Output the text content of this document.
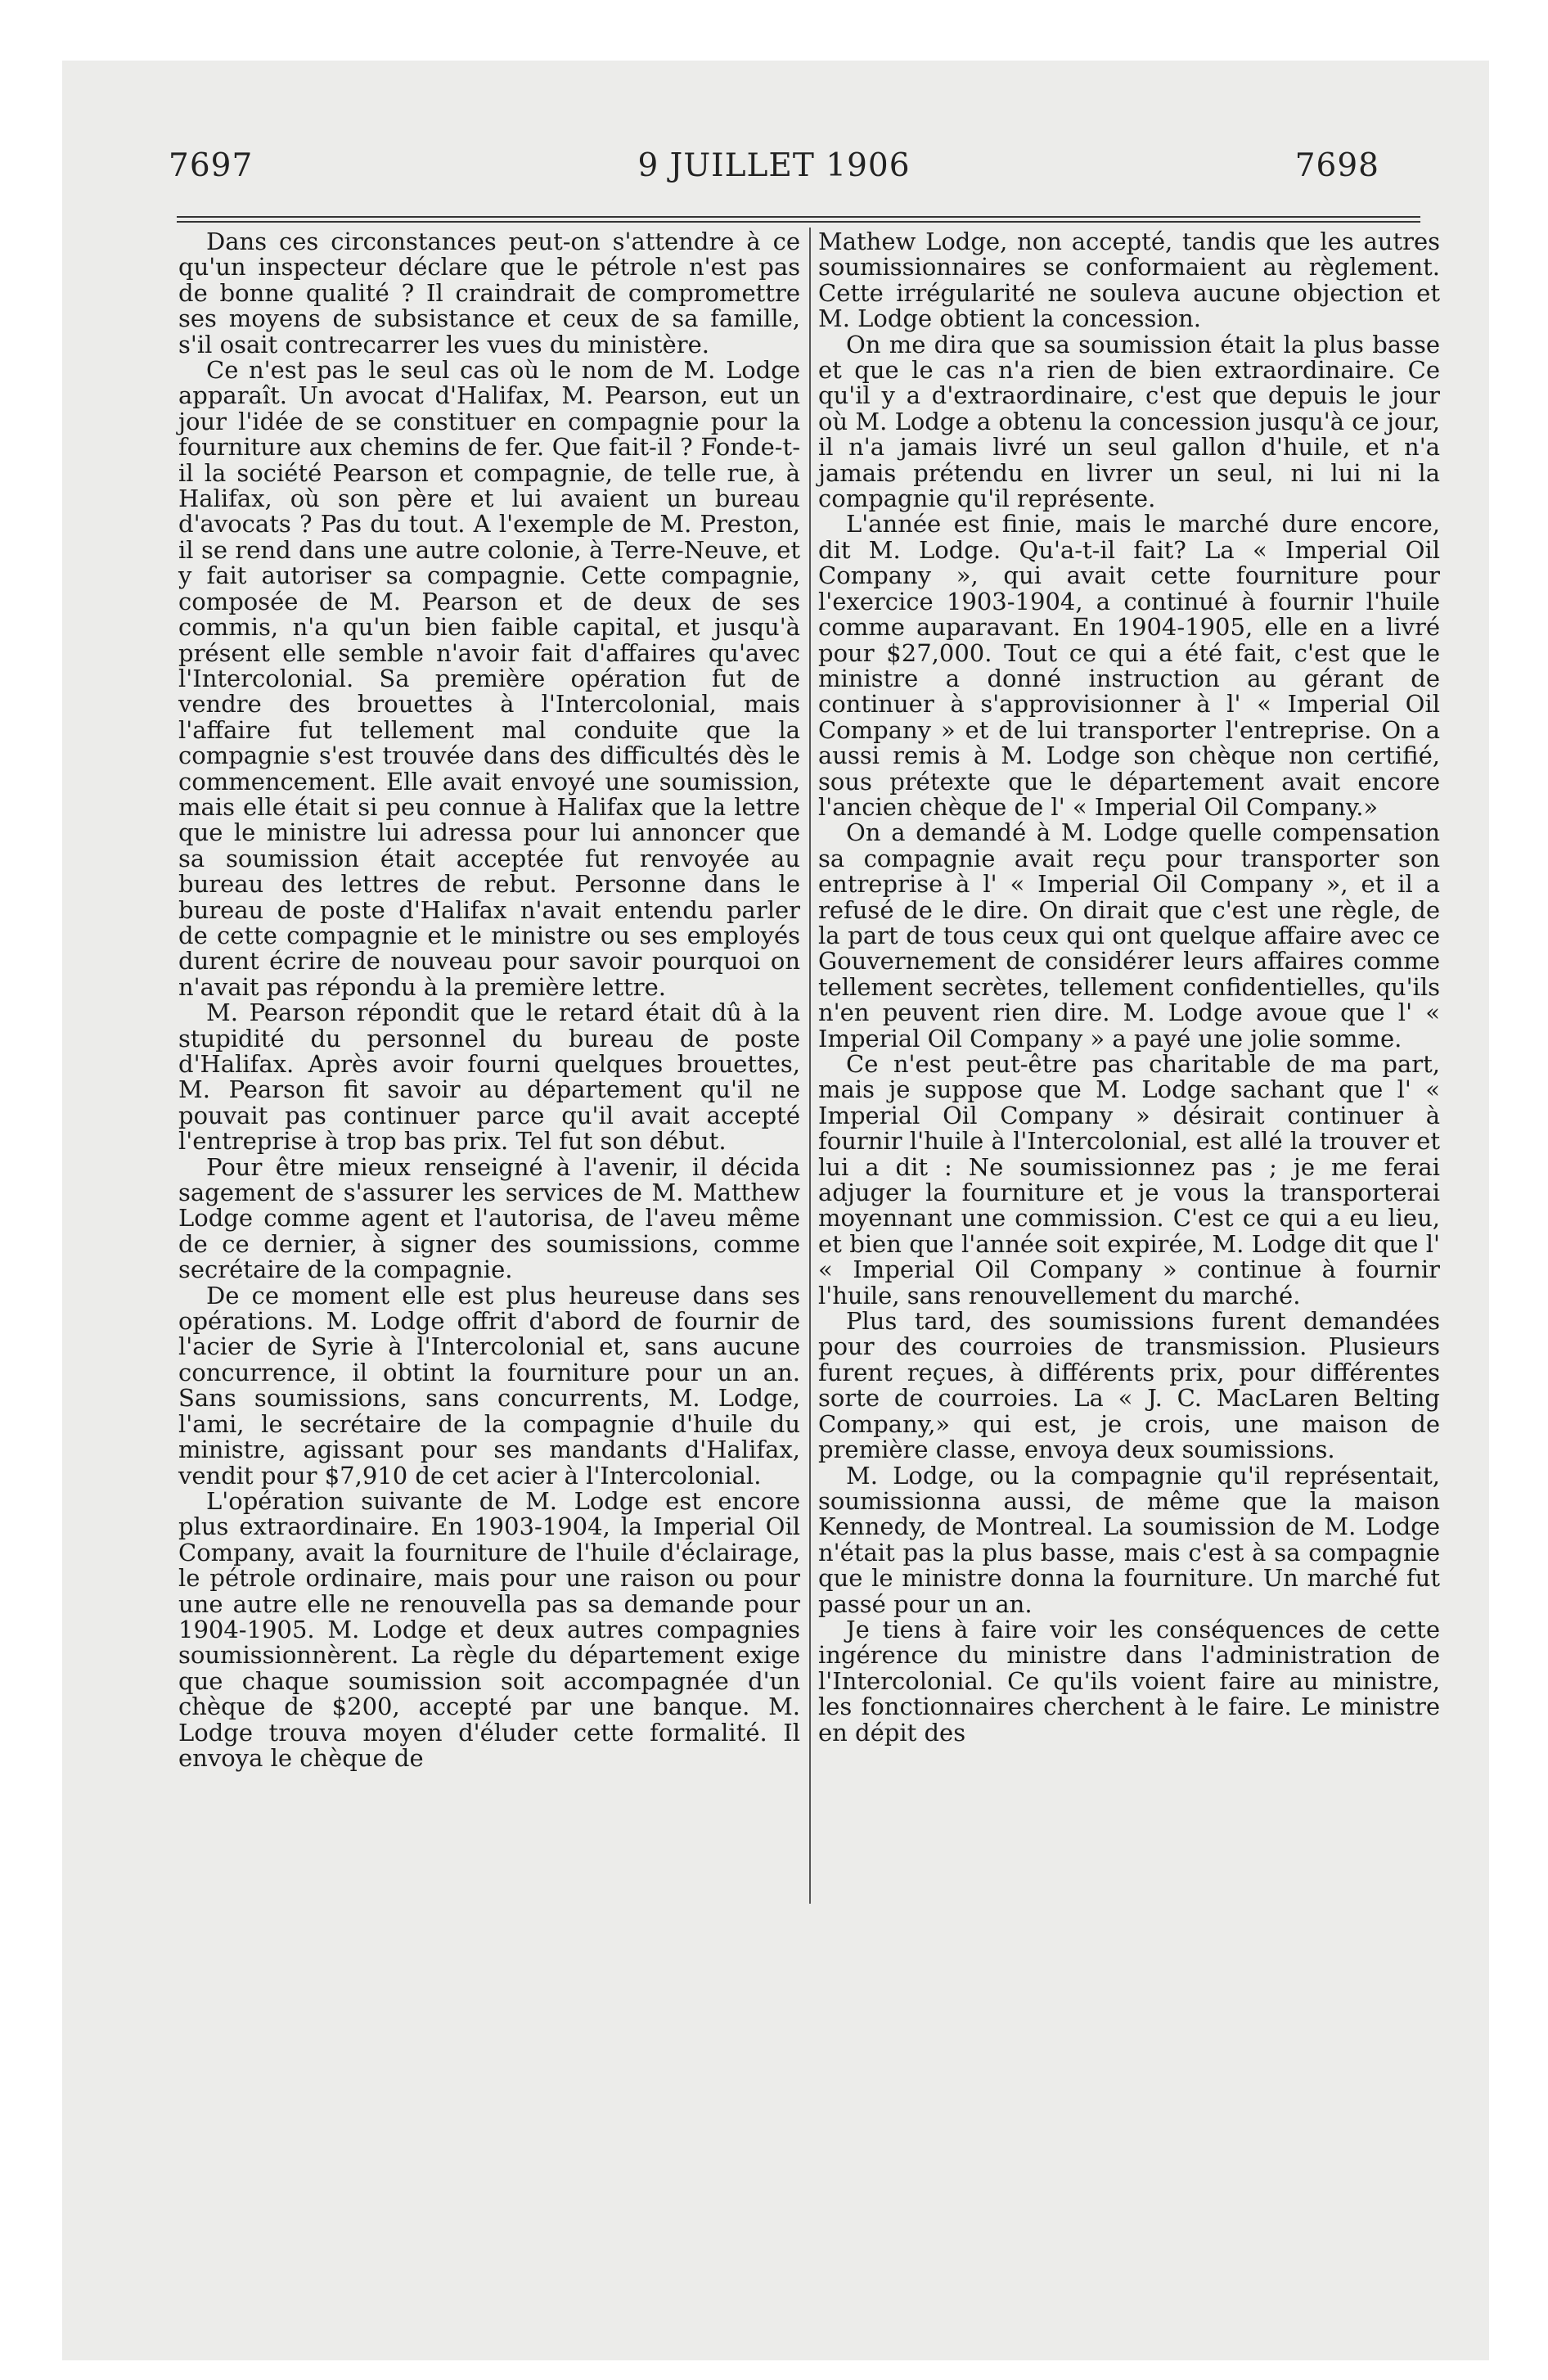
7697	9 JUILLET 1906	7698

Dans ces circonstances peut-on s'attendre à ce qu'un inspecteur déclare que le pétrole n'est pas de bonne qualité ? Il craindrait de compromettre ses moyens de subsistance et ceux de sa famille, s'il osait contrecarrer les vues du ministère.

Ce n'est pas le seul cas où le nom de M. Lodge apparaît. Un avocat d'Halifax, M. Pearson, eut un jour l'idée de se constituer en compagnie pour la fourniture aux chemins de fer. Que fait-il ? Fonde-t-il la société Pearson et compagnie, de telle rue, à Halifax, où son père et lui avaient un bureau d'avocats ? Pas du tout. A l'exemple de M. Preston, il se rend dans une autre colonie, à Terre-Neuve, et y fait autoriser sa compagnie. Cette compagnie, composée de M. Pearson et de deux de ses commis, n'a qu'un bien faible capital, et jusqu'à présent elle semble n'avoir fait d'affaires qu'avec l'Intercolonial. Sa première opération fut de vendre des brouettes à l'Intercolonial, mais l'affaire fut tellement mal conduite que la compagnie s'est trouvée dans des difficultés dès le commencement. Elle avait envoyé une soumission, mais elle était si peu connue à Halifax que la lettre que le ministre lui adressa pour lui annoncer que sa soumission était acceptée fut renvoyée au bureau des lettres de rebut. Personne dans le bureau de poste d'Halifax n'avait entendu parler de cette compagnie et le ministre ou ses employés durent écrire de nouveau pour savoir pourquoi on n'avait pas répondu à la première lettre.

M. Pearson répondit que le retard était dû à la stupidité du personnel du bureau de poste d'Halifax. Après avoir fourni quelques brouettes, M. Pearson fit savoir au département qu'il ne pouvait pas continuer parce qu'il avait accepté l'entreprise à trop bas prix. Tel fut son début.

Pour être mieux renseigné à l'avenir, il décida sagement de s'assurer les services de M. Matthew Lodge comme agent et l'autorisa, de l'aveu même de ce dernier, à signer des soumissions, comme secrétaire de la compagnie.

De ce moment elle est plus heureuse dans ses opérations. M. Lodge offrit d'abord de fournir de l'acier de Syrie à l'Intercolonial et, sans aucune concurrence, il obtint la fourniture pour un an. Sans soumissions, sans concurrents, M. Lodge, l'ami, le secrétaire de la compagnie d'huile du ministre, agissant pour ses mandants d'Halifax, vendit pour $7,910 de cet acier à l'Intercolonial.

L'opération suivante de M. Lodge est encore plus extraordinaire. En 1903-1904, la Imperial Oil Company, avait la fourniture de l'huile d'éclairage, le pétrole ordinaire, mais pour une raison ou pour une autre elle ne renouvella pas sa demande pour 1904-1905. M. Lodge et deux autres compagnies soumissionnèrent. La règle du département exige que chaque soumission soit accompagnée d'un chèque de $200, accepté par une banque. M. Lodge trouva moyen d'éluder cette formalité. Il envoya le chèque de

Mathew Lodge, non accepté, tandis que les autres soumissionnaires se conformaient au règlement. Cette irrégularité ne souleva aucune objection et M. Lodge obtient la concession.

On me dira que sa soumission était la plus basse et que le cas n'a rien de bien extraordinaire. Ce qu'il y a d'extraordinaire, c'est que depuis le jour où M. Lodge a obtenu la concession jusqu'à ce jour, il n'a jamais livré un seul gallon d'huile, et n'a jamais prétendu en livrer un seul, ni lui ni la compagnie qu'il représente.

L'année est finie, mais le marché dure encore, dit M. Lodge. Qu'a-t-il fait? La « Imperial Oil Company », qui avait cette fourniture pour l'exercice 1903-1904, a continué à fournir l'huile comme auparavant. En 1904-1905, elle en a livré pour $27,000. Tout ce qui a été fait, c'est que le ministre a donné instruction au gérant de continuer à s'approvisionner à l' « Imperial Oil Company » et de lui transporter l'entreprise. On a aussi remis à M. Lodge son chèque non certifié, sous prétexte que le département avait encore l'ancien chèque de l' « Imperial Oil Company.»

On a demandé à M. Lodge quelle compensation sa compagnie avait reçu pour transporter son entreprise à l' « Imperial Oil Company », et il a refusé de le dire. On dirait que c'est une règle, de la part de tous ceux qui ont quelque affaire avec ce Gouvernement de considérer leurs affaires comme tellement secrètes, tellement confidentielles, qu'ils n'en peuvent rien dire. M. Lodge avoue que l' « Imperial Oil Company » a payé une jolie somme.

Ce n'est peut-être pas charitable de ma part, mais je suppose que M. Lodge sachant que l' « Imperial Oil Company » désirait continuer à fournir l'huile à l'Intercolonial, est allé la trouver et lui a dit : Ne soumissionnez pas ; je me ferai adjuger la fourniture et je vous la transporterai moyennant une commission. C'est ce qui a eu lieu, et bien que l'année soit expirée, M. Lodge dit que l' « Imperial Oil Company » continue à fournir l'huile, sans renouvellement du marché.

Plus tard, des soumissions furent demandées pour des courroies de transmission. Plusieurs furent reçues, à différents prix, pour différentes sorte de courroies. La « J. C. MacLaren Belting Company,» qui est, je crois, une maison de première classe, envoya deux soumissions.

M. Lodge, ou la compagnie qu'il représentait, soumissionna aussi, de même que la maison Kennedy, de Montreal. La soumission de M. Lodge n'était pas la plus basse, mais c'est à sa compagnie que le ministre donna la fourniture. Un marché fut passé pour un an.

Je tiens à faire voir les conséquences de cette ingérence du ministre dans l'administration de l'Intercolonial. Ce qu'ils voient faire au ministre, les fonctionnaires cherchent à le faire. Le ministre en dépit des
